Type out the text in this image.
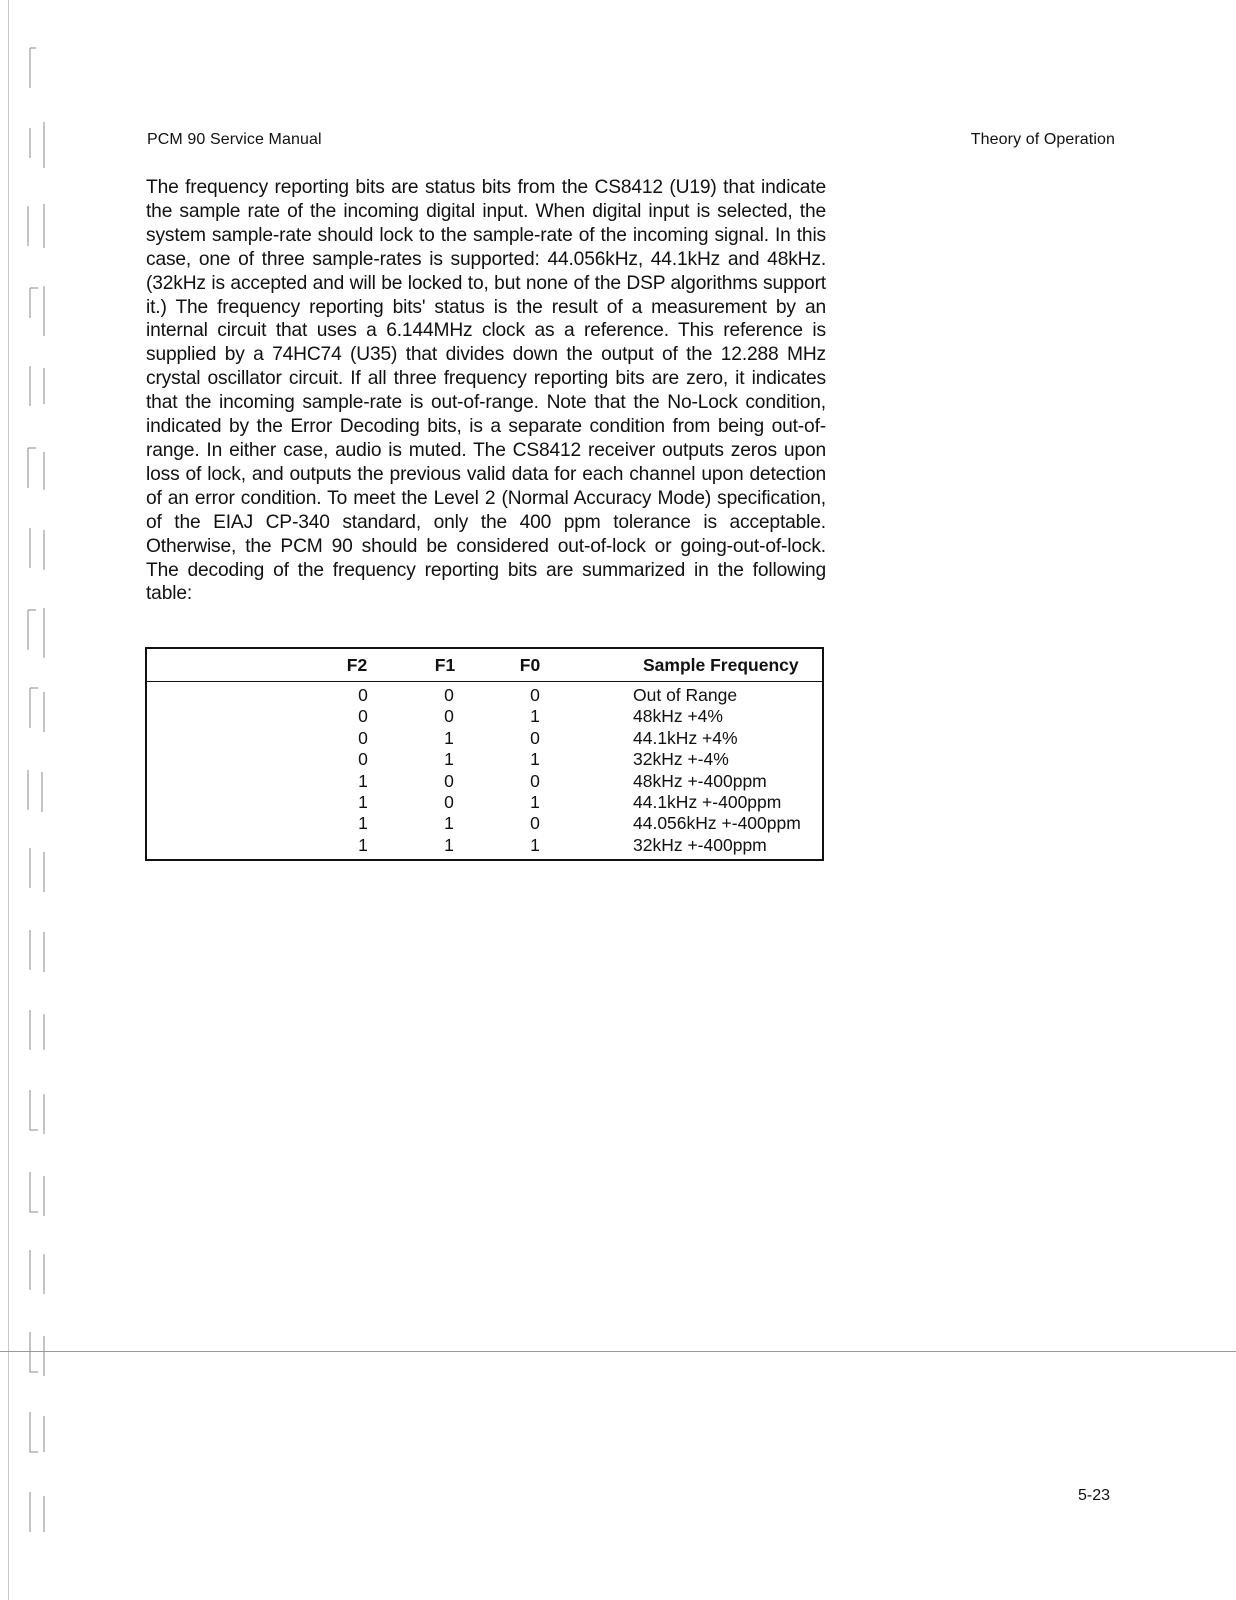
PCM 90 Service Manual	Theory of Operation
The frequency reporting bits are status bits from the CS8412 (U19) that indicate the sample rate of the incoming digital input. When digital input is selected, the system sample-rate should lock to the sample-rate of the incoming signal. In this case, one of three sample-rates is supported: 44.056kHz, 44.1kHz and 48kHz. (32kHz is accepted and will be locked to, but none of the DSP algorithms support it.) The frequency reporting bits' status is the result of a measurement by an internal circuit that uses a 6.144MHz clock as a reference. This reference is supplied by a 74HC74 (U35) that divides down the output of the 12.288 MHz crystal oscillator circuit. If all three frequency reporting bits are zero, it indicates that the incoming sample-rate is out-of-range. Note that the No-Lock condition, indicated by the Error Decoding bits, is a separate condition from being out-of-range. In either case, audio is muted. The CS8412 receiver outputs zeros upon loss of lock, and outputs the previous valid data for each channel upon detection of an error condition. To meet the Level 2 (Normal Accuracy Mode) specification, of the EIAJ CP-340 standard, only the 400 ppm tolerance is acceptable. Otherwise, the PCM 90 should be considered out-of-lock or going-out-of-lock. The decoding of the frequency reporting bits are summarized in the following table:
F2	F1	F0	Sample Frequency
0	0	0	Out of Range
0	0	1	48kHz +4%
0	1	0	44.1kHz +4%
0	1	1	32kHz +-4%
1	0	0	48kHz +-400ppm
1	0	1	44.1kHz +-400ppm
1	1	0	44.056kHz +-400ppm
1	1	1	32kHz +-400ppm
5-23
